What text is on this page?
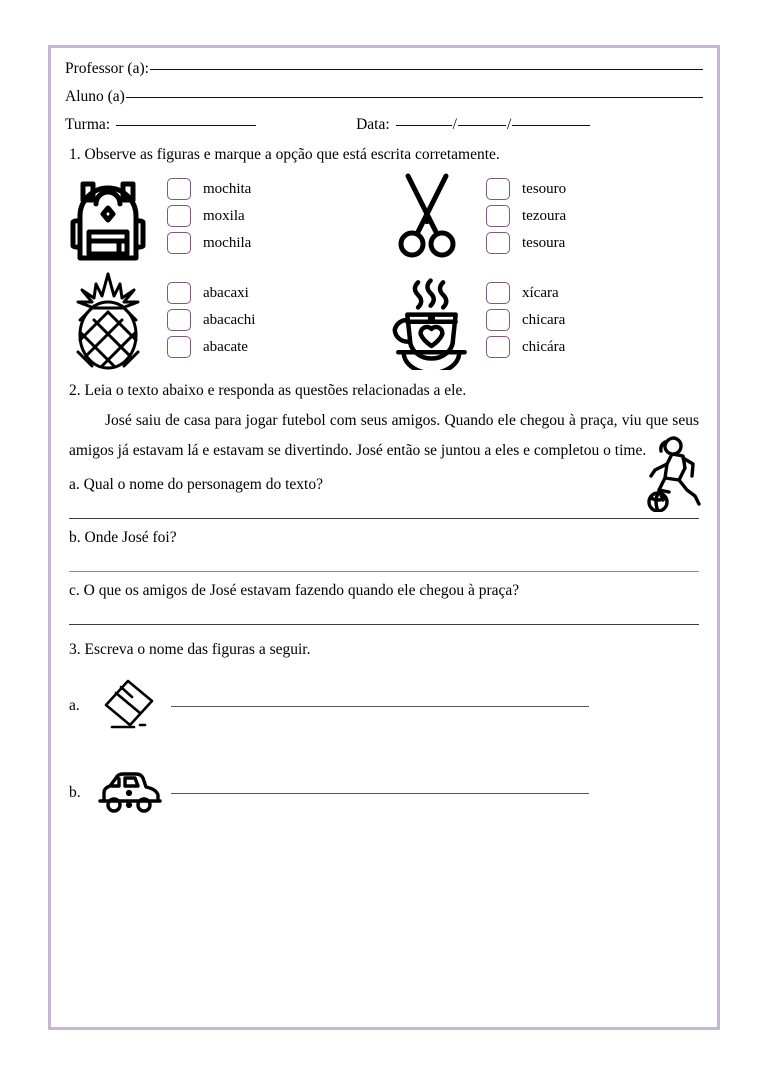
Professor (a):
Aluno (a)
Turma:	Data:	/	/
1. Observe as figuras e marque a opção que está escrita corretamente.
mochita
moxila
mochila
tesouro
tezoura
tesoura
abacaxi
abacachi
abacate
xícara
chicara
chicára
2. Leia o texto abaixo e responda as questões relacionadas a ele.

José saiu de casa para jogar futebol com seus amigos. Quando ele chegou à praça, viu que seus amigos já estavam lá e estavam se divertindo. José então se juntou a eles e completou o time.

a. Qual o nome do personagem do texto?
b. Onde José foi?
c. O que os amigos de José estavam fazendo quando ele chegou à praça?
3. Escreva o nome das figuras a seguir.
a.
b.
